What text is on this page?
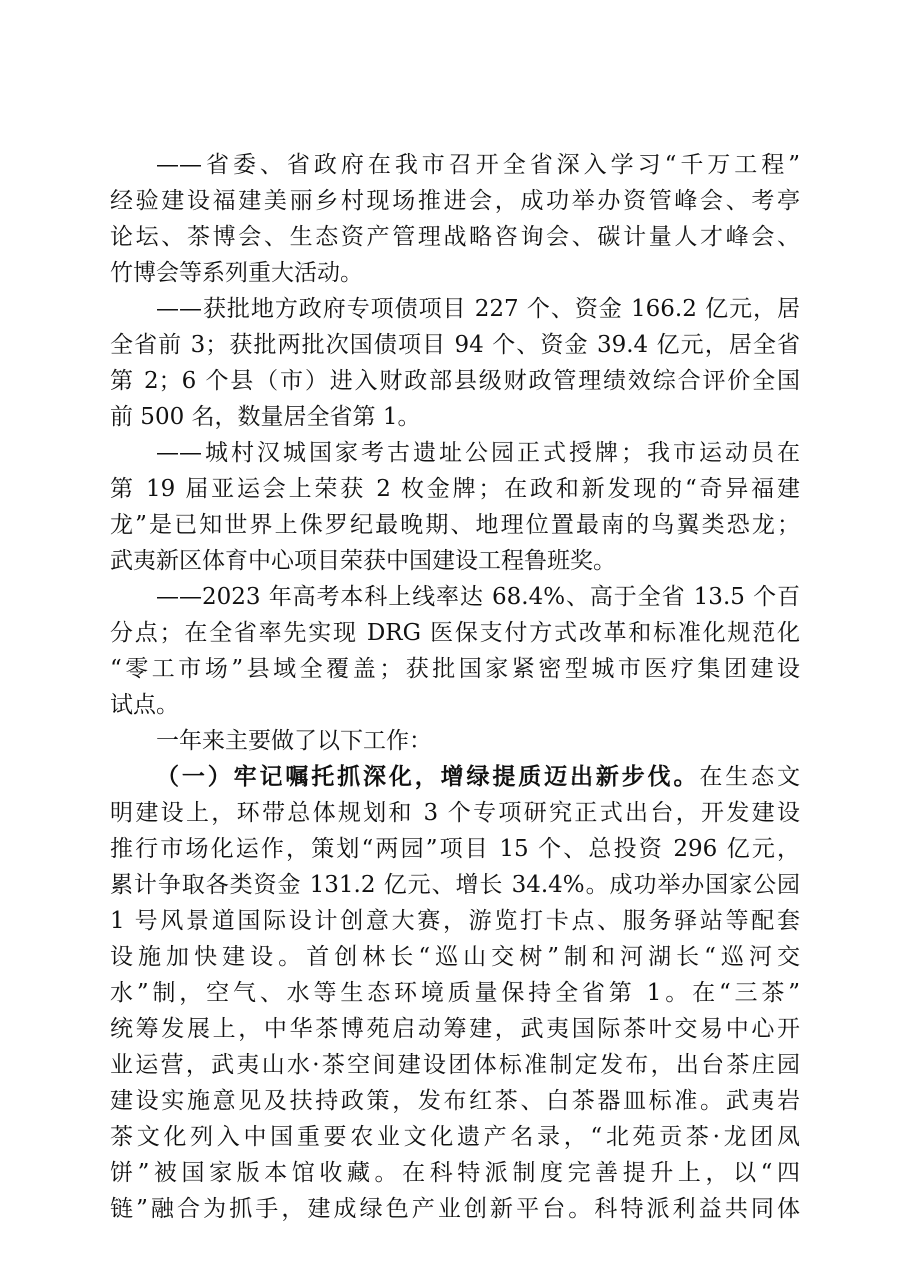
——省委、省政府在我市召开全省深入学习“千万工程”
经验建设福建美丽乡村现场推进会，成功举办资管峰会、考亭
论坛、茶博会、生态资产管理战略咨询会、碳计量人才峰会、
竹博会等系列重大活动。
——获批地方政府专项债项目 227 个、资金 166.2 亿元，居
全省前 3；获批两批次国债项目 94 个、资金 39.4 亿元，居全省
第 2；6 个县（市）进入财政部县级财政管理绩效综合评价全国
前 500 名，数量居全省第 1。
——城村汉城国家考古遗址公园正式授牌；我市运动员在
第 19 届亚运会上荣获 2 枚金牌；在政和新发现的“奇异福建
龙”是已知世界上侏罗纪最晚期、地理位置最南的鸟翼类恐龙；
武夷新区体育中心项目荣获中国建设工程鲁班奖。
——2023 年高考本科上线率达 68.4%、高于全省 13.5 个百
分点；在全省率先实现 DRG 医保支付方式改革和标准化规范化
“零工市场”县域全覆盖；获批国家紧密型城市医疗集团建设
试点。
一年来主要做了以下工作：
（一）牢记嘱托抓深化，增绿提质迈出新步伐。在生态文
明建设上，环带总体规划和 3 个专项研究正式出台，开发建设
推行市场化运作，策划“两园”项目 15 个、总投资 296 亿元，
累计争取各类资金 131.2 亿元、增长 34.4%。成功举办国家公园
1 号风景道国际设计创意大赛，游览打卡点、服务驿站等配套
设施加快建设。首创林长“巡山交树”制和河湖长“巡河交
水”制，空气、水等生态环境质量保持全省第 1。在“三茶”
统筹发展上，中华茶博苑启动筹建，武夷国际茶叶交易中心开
业运营，武夷山水·茶空间建设团体标准制定发布，出台茶庄园
建设实施意见及扶持政策，发布红茶、白茶器皿标准。武夷岩
茶文化列入中国重要农业文化遗产名录，“北苑贡茶·龙团凤
饼”被国家版本馆收藏。在科特派制度完善提升上，以“四
链”融合为抓手，建成绿色产业创新平台。科特派利益共同体
